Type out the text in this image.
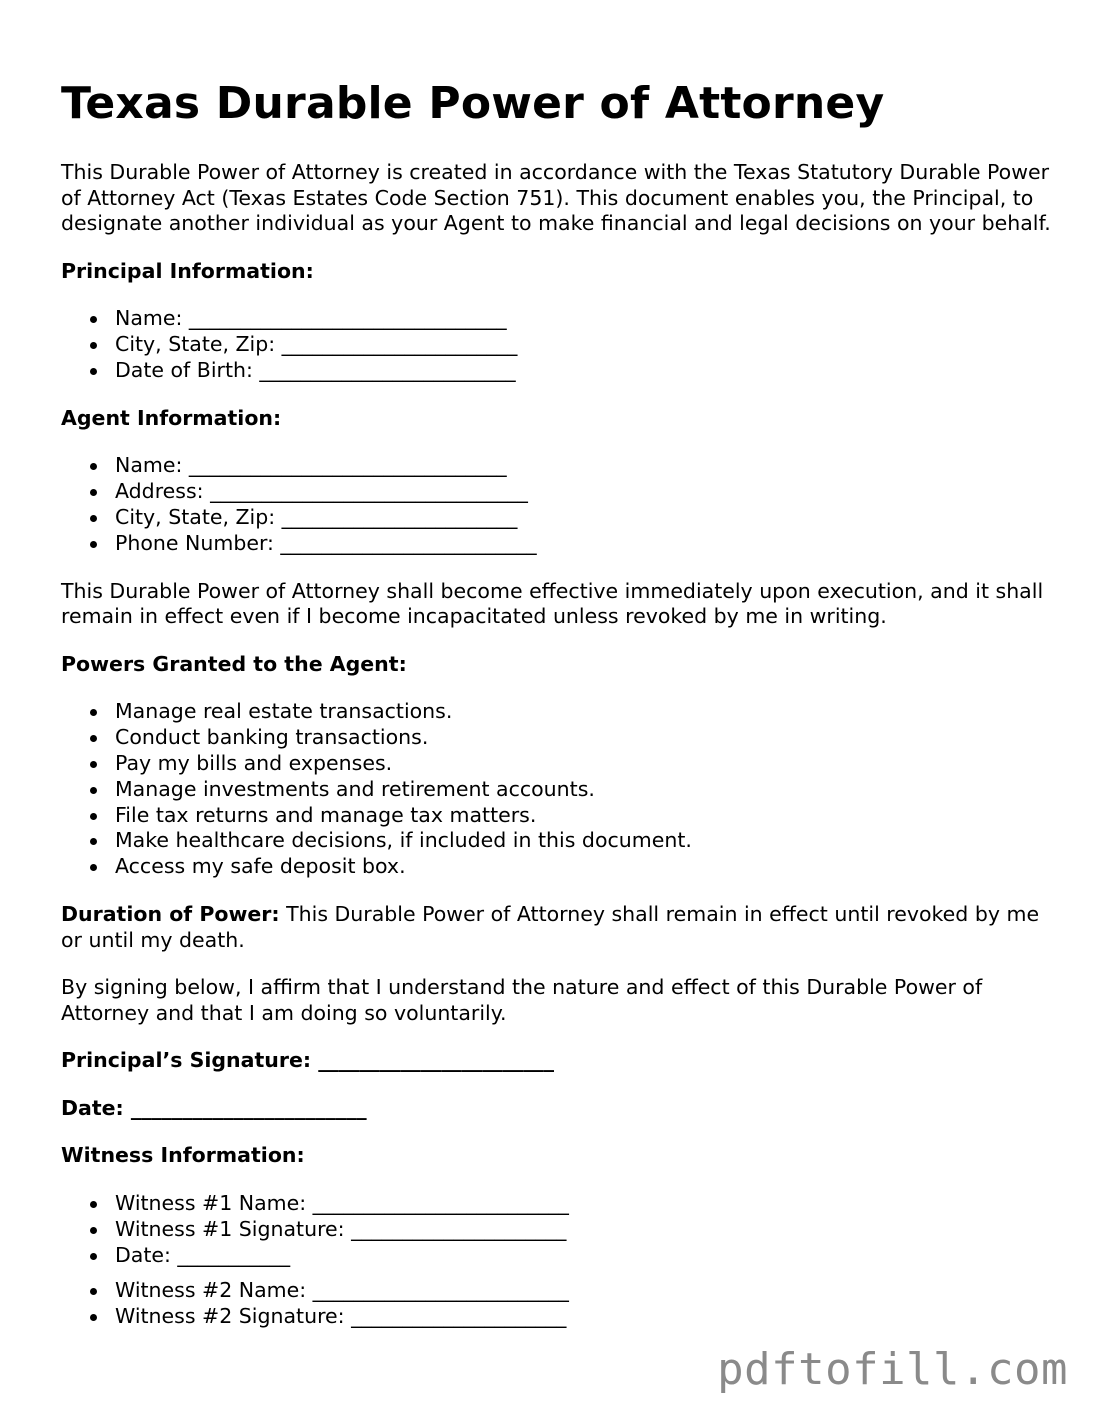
Texas Durable Power of Attorney

This Durable Power of Attorney is created in accordance with the Texas Statutory Durable Power of Attorney Act (Texas Estates Code Section 751). This document enables you, the Principal, to designate another individual as your Agent to make financial and legal decisions on your behalf.

Principal Information:
Name: _______________________________
City, State, Zip: _______________________
Date of Birth: _________________________
Agent Information:
Name: _______________________________
Address: _______________________________
City, State, Zip: _______________________
Phone Number: _________________________

This Durable Power of Attorney shall become effective immediately upon execution, and it shall remain in effect even if I become incapacitated unless revoked by me in writing.

Powers Granted to the Agent:
Manage real estate transactions.
Conduct banking transactions.
Pay my bills and expenses.
Manage investments and retirement accounts.
File tax returns and manage tax matters.
Make healthcare decisions, if included in this document.
Access my safe deposit box.

Duration of Power: This Durable Power of Attorney shall remain in effect until revoked by me or until my death.

By signing below, I affirm that I understand the nature and effect of this Durable Power of Attorney and that I am doing so voluntarily.

Principal’s Signature: _______________________
Date: _______________________
Witness Information:
Witness #1 Name: _________________________
Witness #1 Signature: _____________________
Date: ___________
Witness #2 Name: _________________________
Witness #2 Signature: _____________________
pdftofill.com
